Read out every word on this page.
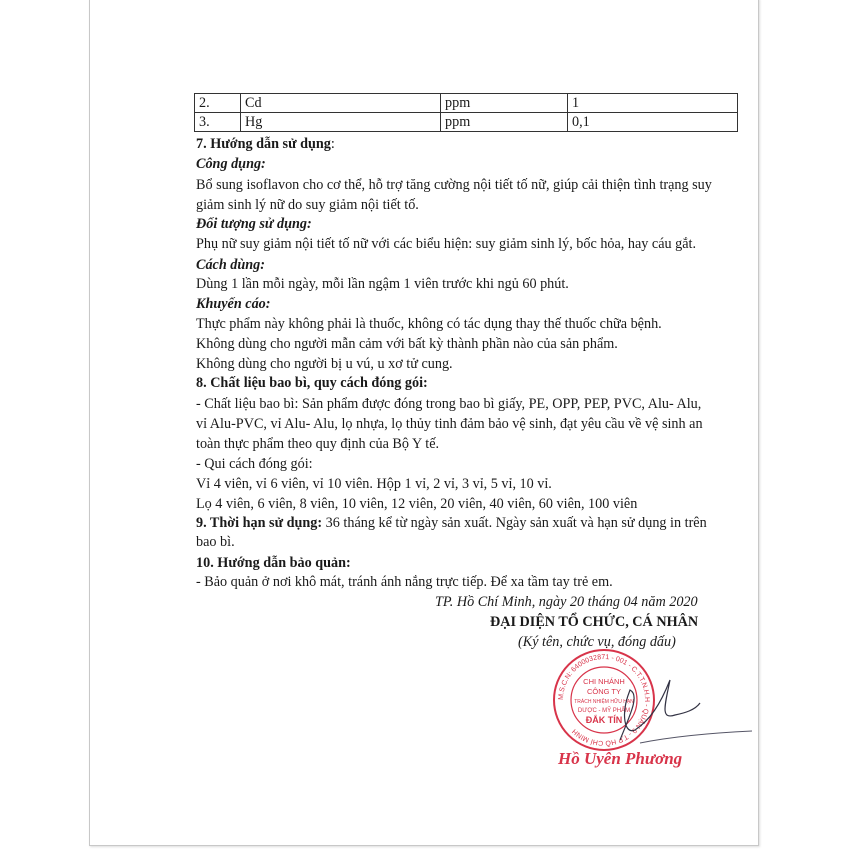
2.	Cd	ppm	1
3.	Hg	ppm	0,1
7. Hướng dẫn sử dụng:
Công dụng:
Bổ sung isoflavon cho cơ thể, hỗ trợ tăng cường nội tiết tố nữ, giúp cải thiện tình trạng suy
giảm sinh lý nữ do suy giảm nội tiết tố.
Đối tượng sử dụng:
Phụ nữ suy giảm nội tiết tố nữ với các biểu hiện: suy giảm sinh lý, bốc hỏa, hay cáu gắt.
Cách dùng:
Dùng 1 lần mỗi ngày, mỗi lần ngậm 1 viên trước khi ngủ 60 phút.
Khuyến cáo:
Thực phẩm này không phải là thuốc, không có tác dụng thay thế thuốc chữa bệnh.
Không dùng cho người mẫn cảm với bất kỳ thành phần nào của sản phẩm.
Không dùng cho người bị u vú, u xơ tử cung.
8. Chất liệu bao bì, quy cách đóng gói:
- Chất liệu bao bì: Sản phẩm được đóng trong bao bì giấy, PE, OPP, PEP, PVC, Alu- Alu,
vỉ Alu-PVC, vỉ Alu- Alu, lọ nhựa, lọ thủy tinh đảm bảo vệ sinh, đạt yêu cầu về vệ sinh an
toàn thực phẩm theo quy định của Bộ Y tế.
- Qui cách đóng gói:
Vỉ 4 viên, vỉ 6 viên, vỉ 10 viên. Hộp 1 vỉ, 2 vỉ, 3 vỉ, 5 vỉ, 10 vỉ.
Lọ 4 viên, 6 viên, 8 viên, 10 viên, 12 viên, 20 viên, 40 viên, 60 viên, 100 viên
9. Thời hạn sử dụng: 36 tháng kể từ ngày sản xuất. Ngày sản xuất và hạn sử dụng in trên
bao bì.
10. Hướng dẫn bảo quản:
- Bảo quản ở nơi khô mát, tránh ánh nắng trực tiếp. Để xa tầm tay trẻ em.
TP. Hồ Chí Minh, ngày 20 tháng 04 năm 2020
ĐẠI DIỆN TỔ CHỨC, CÁ NHÂN
(Ký tên, chức vụ, đóng dấu)
M.S.C.N: 6400032871 - 001 - C.T.T.N.H.H - QUẬN 9 - T.P HỒ CHÍ MINH
CHI NHÁNH
CÔNG TY
TRÁCH NHIỆM HỮU HẠN
DƯỢC - MỸ PHẨM
ĐẮK TÍN
Hồ Uyên Phương
